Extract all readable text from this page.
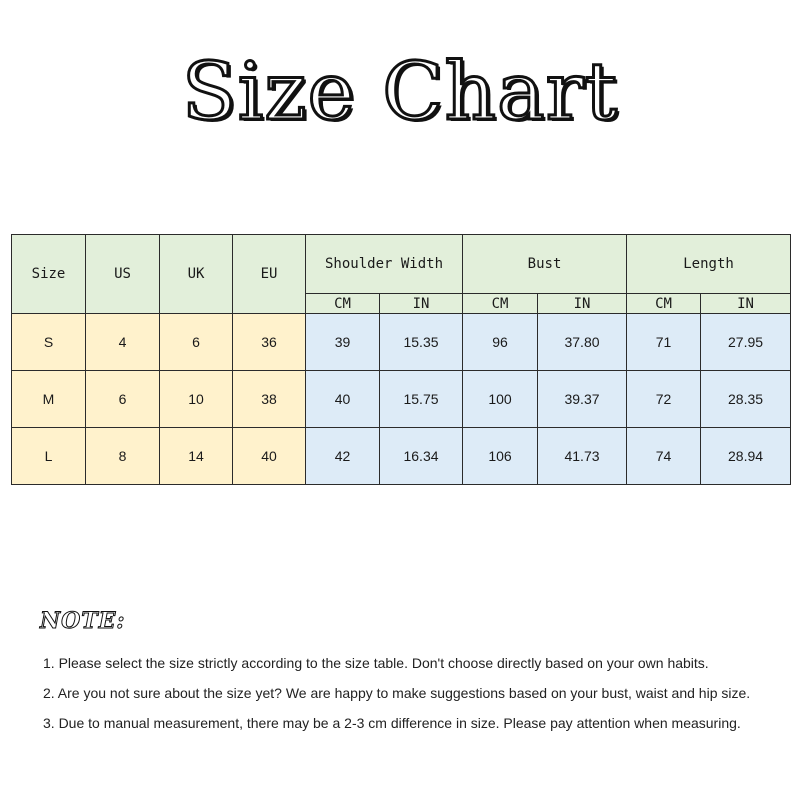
Size Chart
Size	US	UK	EU	Shoulder Width		Bust		Length	
				CM	IN	CM	IN	CM	IN
S	4	6	36	39	15.35	96	37.80	71	27.95
M	6	10	38	40	15.75	100	39.37	72	28.35
L	8	14	40	42	16.34	106	41.73	74	28.94
NOTE:
1. Please select the size strictly according to the size table. Don't choose directly based on your own habits.
2. Are you not sure about the size yet? We are happy to make suggestions based on your bust, waist and hip size.
3. Due to manual measurement, there may be a 2-3 cm difference in size. Please pay attention when measuring.
